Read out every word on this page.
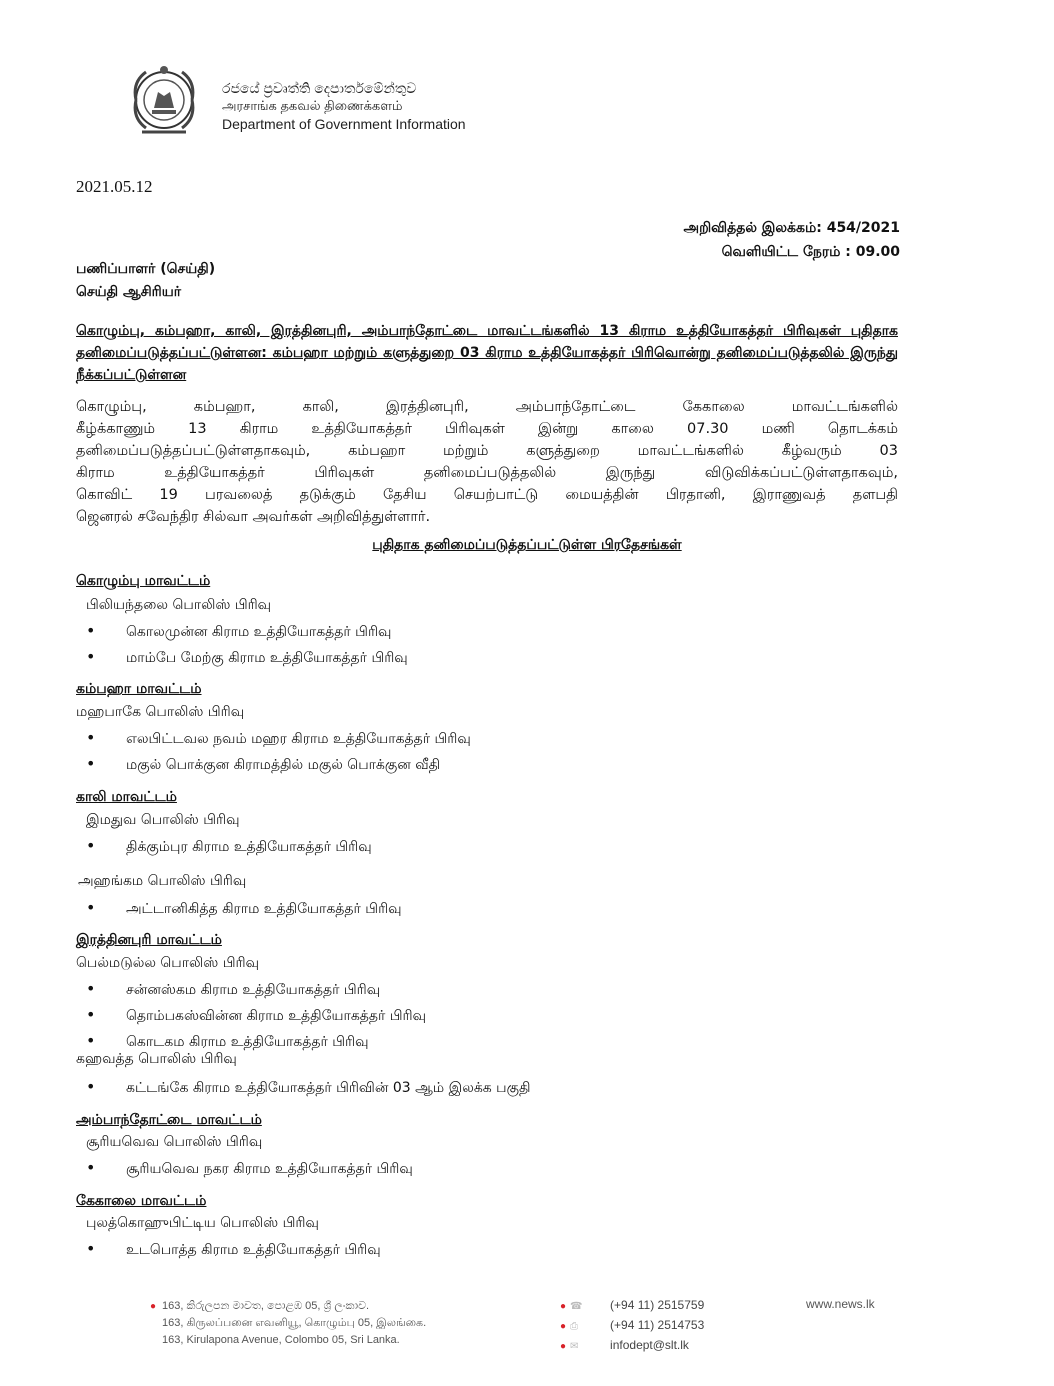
රජයේ ප්‍රවෘත්ති දෙපාර්තමේන්තුව
அரசாங்க தகவல் திணைக்களம்
Department of Government Information
2021.05.12
அறிவித்தல் இலக்கம்: 454/2021
வெளியிட்ட நேரம் : 09.00
பணிப்பாளர் (செய்தி)
செய்தி ஆசிரியர்
கொழும்பு, கம்பஹா, காலி, இரத்தினபுரி, அம்பாந்தோட்டை மாவட்டங்களில் 13 கிராம உத்தியோகத்தர் பிரிவுகள் புதிதாக தனிமைப்படுத்தப்பட்டுள்ளன: கம்பஹா மற்றும் களுத்துறை 03 கிராம உத்தியோகத்தர் பிரிவொன்று தனிமைப்படுத்தலில் இருந்து நீக்கப்பட்டுள்ளன
கொழும்பு, கம்பஹா, காலி, இரத்தினபுரி, அம்பாந்தோட்டை கேகாலை மாவட்டங்களில்
கீழ்க்காணும் 13 கிராம உத்தியோகத்தர் பிரிவுகள் இன்று காலை 07.30 மணி தொடக்கம்
தனிமைப்படுத்தப்பட்டுள்ளதாகவும், கம்பஹா மற்றும் களுத்துறை மாவட்டங்களில் கீழ்வரும் 03
கிராம உத்தியோகத்தர் பிரிவுகள் தனிமைப்படுத்தலில் இருந்து விடுவிக்கப்பட்டுள்ளதாகவும்,
கொவிட் 19 பரவலைத் தடுக்கும் தேசிய செயற்பாட்டு மையத்தின் பிரதானி, இராணுவத் தளபதி
ஜெனரல் சவேந்திர சில்வா அவர்கள் அறிவித்துள்ளார்.
புதிதாக தனிமைப்படுத்தப்பட்டுள்ள பிரதேசங்கள்
கொழும்பு மாவட்டம்
பிலியந்தலை பொலிஸ் பிரிவு
• கொலமுன்ன கிராம உத்தியோகத்தர் பிரிவு
• மாம்பே மேற்கு கிராம உத்தியோகத்தர் பிரிவு
கம்பஹா மாவட்டம்
மஹபாகே பொலிஸ் பிரிவு
• எலபிட்டவல நவம் மஹர கிராம உத்தியோகத்தர் பிரிவு
• மகுல் பொக்குன கிராமத்தில் மகுல் பொக்குன வீதி
காலி மாவட்டம்
இமதுவ பொலிஸ் பிரிவு
• திக்கும்புர கிராம உத்தியோகத்தர் பிரிவு
அஹங்கம பொலிஸ் பிரிவு
• அட்டானிகித்த கிராம உத்தியோகத்தர் பிரிவு
இரத்தினபுரி மாவட்டம்
பெல்மடுல்ல பொலிஸ் பிரிவு
• சன்னஸ்கம கிராம உத்தியோகத்தர் பிரிவு
• தொம்பகஸ்வின்ன கிராம உத்தியோகத்தர் பிரிவு
• கொடகம கிராம உத்தியோகத்தர் பிரிவு
கஹவத்த பொலிஸ் பிரிவு
• கட்டங்கே கிராம உத்தியோகத்தர் பிரிவின் 03 ஆம் இலக்க பகுதி
அம்பாந்தோட்டை மாவட்டம்
சூரியவெவ பொலிஸ் பிரிவு
• சூரியவெவ நகர கிராம உத்தியோகத்தர் பிரிவு
கேகாலை மாவட்டம்
புலத்கொஹுபிட்டிய பொலிஸ் பிரிவு
• உடபொத்த கிராம உத்தியோகத்தர் பிரிவு
● 163, කිරුලපන මාවත, පොළඹ 05, ශ්‍රී ලංකාව.
163, கிருலப்பனை எவனியூ, கொழும்பு 05, இலங்கை.
163, Kirulapona Avenue, Colombo 05, Sri Lanka.
● ☎ (+94 11) 2515759
● ⎙	(+94 11) 2514753
● ✉	infodept@slt.lk
www.news.lk
